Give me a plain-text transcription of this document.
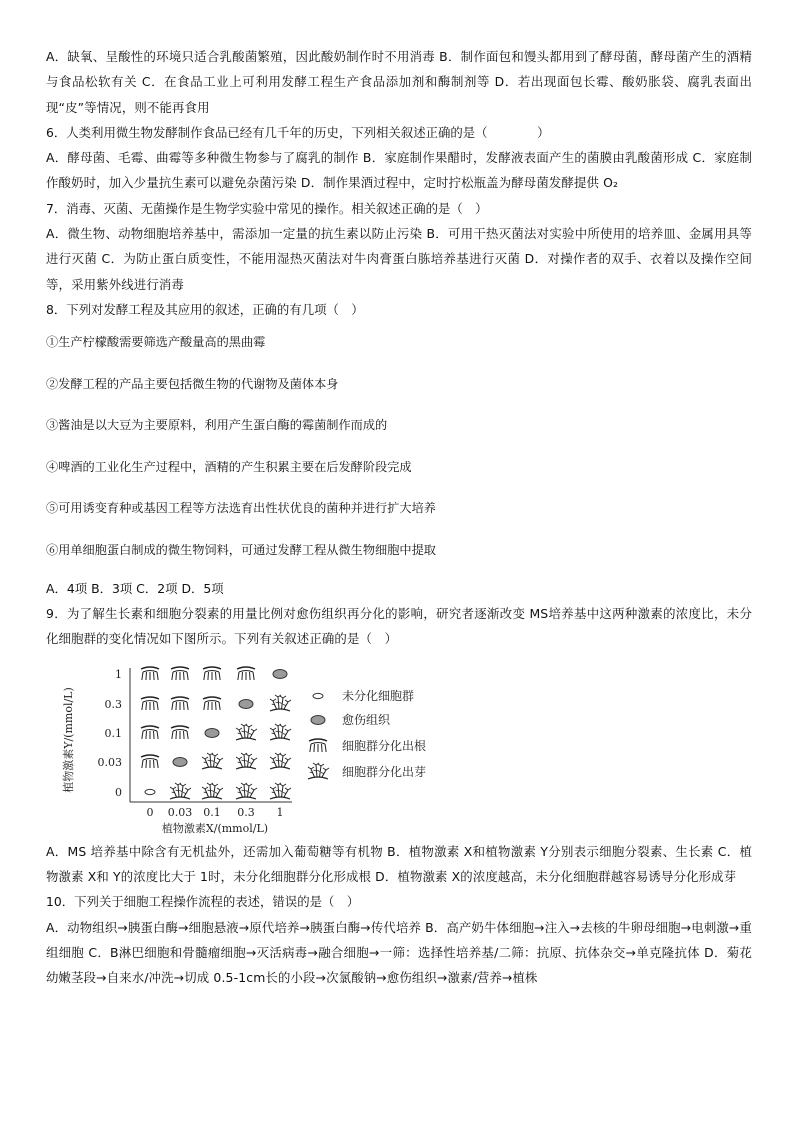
A．缺氧、呈酸性的环境只适合乳酸菌繁殖，因此酸奶制作时不用消毒 B．制作面包和馒头都用到了酵母菌，酵母菌产生的酒精与食品松软有关 C．在食品工业上可利用发酵工程生产食品添加剂和酶制剂等 D．若出现面包长霉、酸奶胀袋、腐乳表面出现“皮”等情况，则不能再食用

6．人类利用微生物发酵制作食品已经有几千年的历史，下列相关叙述正确的是（　　　　）

A．酵母菌、毛霉、曲霉等多种微生物参与了腐乳的制作 B．家庭制作果醋时，发酵液表面产生的菌膜由乳酸菌形成 C．家庭制作酸奶时，加入少量抗生素可以避免杂菌污染 D．制作果酒过程中，定时拧松瓶盖为酵母菌发酵提供 O₂

7．消毒、灭菌、无菌操作是生物学实验中常见的操作。相关叙述正确的是（　）

A．微生物、动物细胞培养基中，需添加一定量的抗生素以防止污染 B．可用干热灭菌法对实验中所使用的培养皿、金属用具等进行灭菌 C．为防止蛋白质变性，不能用湿热灭菌法对牛肉膏蛋白胨培养基进行灭菌 D．对操作者的双手、衣着以及操作空间等，采用紫外线进行消毒

8．下列对发酵工程及其应用的叙述，正确的有几项（　）

①生产柠檬酸需要筛选产酸量高的黑曲霉

②发酵工程的产品主要包括微生物的代谢物及菌体本身

③酱油是以大豆为主要原料，利用产生蛋白酶的霉菌制作而成的

④啤酒的工业化生产过程中，酒精的产生积累主要在后发酵阶段完成

⑤可用诱变育种或基因工程等方法选育出性状优良的菌种并进行扩大培养

⑥用单细胞蛋白制成的微生物饲料，可通过发酵工程从微生物细胞中提取

A．4项 B．3项 C．2项 D．5项

9．为了解生长素和细胞分裂素的用量比例对愈伤组织再分化的影响，研究者逐渐改变 MS培养基中这两种激素的浓度比，未分化细胞群的变化情况如下图所示。下列有关叙述正确的是（　）

1
0.3
0.1
0.03
0
0 0.03 0.1 0.3 1
植物激素Y/(mmol/L)
植物激素X/(mmol/L)
未分化细胞群
愈伤组织
细胞群分化出根
细胞群分化出芽

A．MS 培养基中除含有无机盐外，还需加入葡萄糖等有机物 B．植物激素 X和植物激素 Y分别表示细胞分裂素、生长素 C．植物激素 X和 Y的浓度比大于 1时，未分化细胞群分化形成根 D．植物激素 X的浓度越高，未分化细胞群越容易诱导分化形成芽

10．下列关于细胞工程操作流程的表述，错误的是（　）

A．动物组织→胰蛋白酶→细胞悬液→原代培养→胰蛋白酶→传代培养 B．高产奶牛体细胞→注入→去核的牛卵母细胞→电刺激→重组细胞 C．B淋巴细胞和骨髓瘤细胞→灭活病毒→融合细胞→一筛：选择性培养基/二筛：抗原、抗体杂交→单克隆抗体 D．菊花幼嫩茎段→自来水/冲洗→切成 0.5-1cm长的小段→次氯酸钠→愈伤组织→激素/营养→植株
